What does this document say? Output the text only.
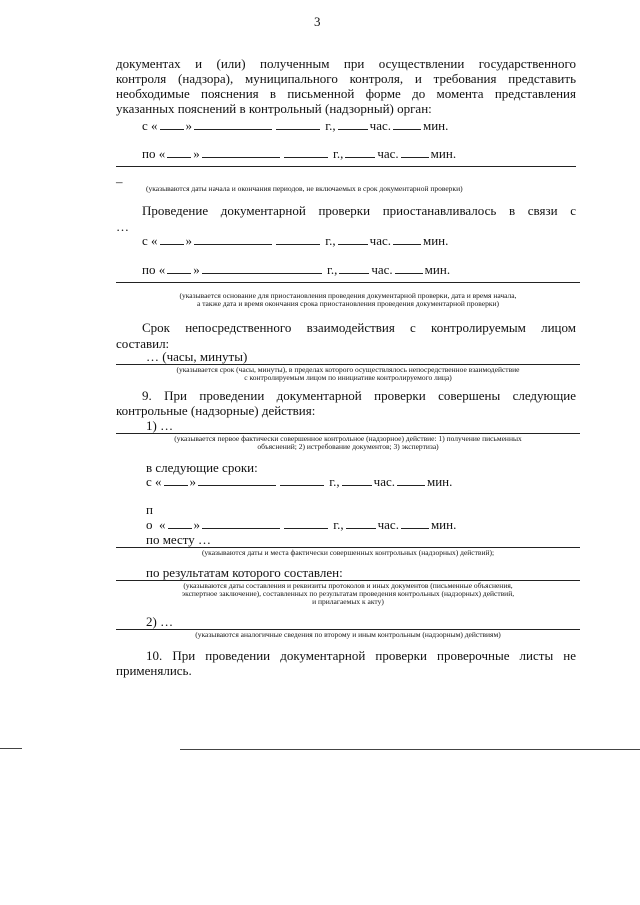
3
документах и (или) полученным при осуществлении государственного
контроля (надзора), муниципального контроля, и требования представить
необходимые пояснения в письменной форме до момента представления
указанных пояснений в контрольный (надзорный) орган:
с « »	г.,	час. мин.
по « »	г.,	час. мин.
–	(указываются даты начала и окончания периодов, не включаемых в срок документарной проверки)
Проведение документарной проверки приостанавливалось в связи с
…
с « »	г.,	час. мин.
по « »	г.,	час. мин.
(указывается основание для приостановления проведения документарной проверки, дата и время начала,
а также дата и время окончания срока приостановления проведения документарной проверки)
Срок непосредственного взаимодействия с контролируемым лицом
составил:
… (часы, минуты)
(указывается срок (часы, минуты), в пределах которого осуществлялось непосредственное взаимодействие
с контролируемым лицом по инициативе контролируемого лица)
9. При проведении документарной проверки совершены следующие
контрольные (надзорные) действия:
1) …
(указывается первое фактически совершенное контрольное (надзорное) действие: 1) получение письменных
объяснений; 2) истребование документов; 3) экспертиза)
в следующие сроки:
с « »	г.,	час. мин.
п
о « »	г.,	час. мин.
по месту …
(указываются даты и места фактически совершенных контрольных (надзорных) действий);
по результатам которого составлен:
(указываются даты составления и реквизиты протоколов и иных документов (письменные объяснения,
экспертное заключение), составленных по результатам проведения контрольных (надзорных) действий,
и прилагаемых к акту)
2) …
(указываются аналогичные сведения по второму и иным контрольным (надзорным) действиям)
10. При проведении документарной проверки проверочные листы не
применялись.
